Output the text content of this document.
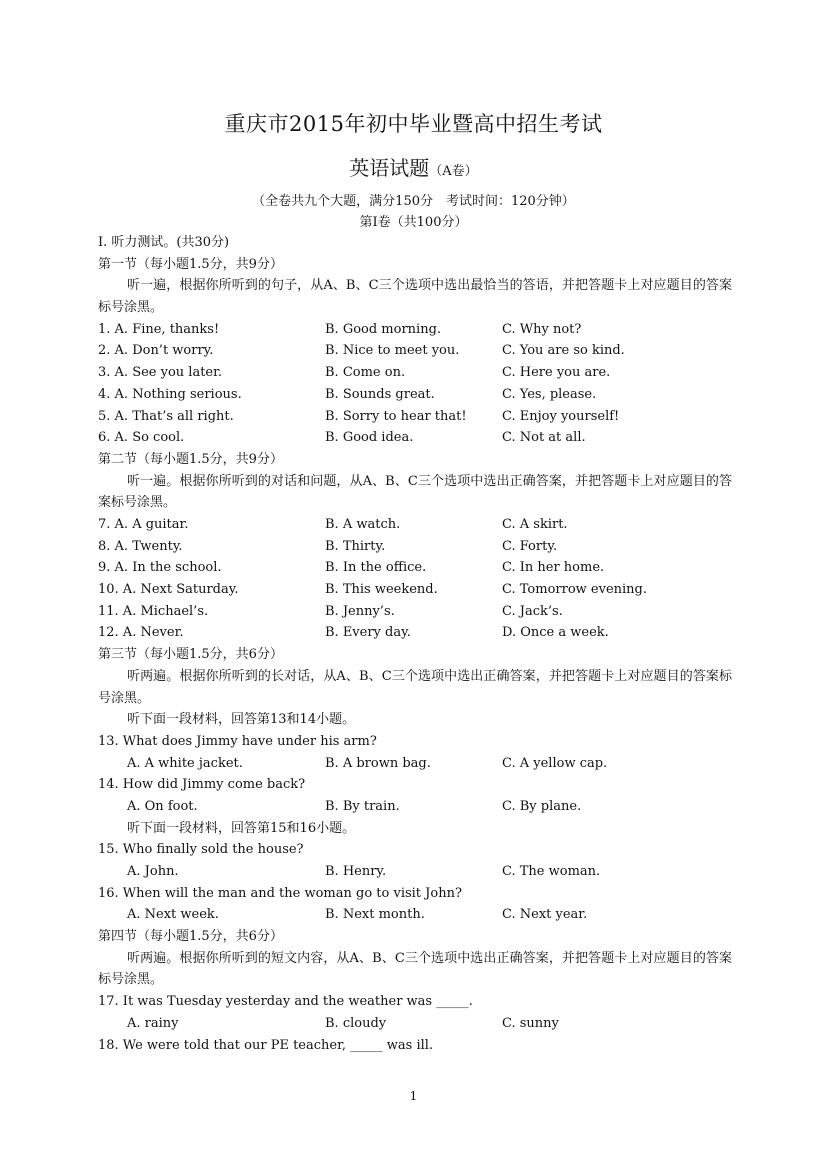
重庆市2015年初中毕业暨高中招生考试
英语试题（A卷）
（全卷共九个大题，满分150分　考试时间：120分钟）
第I卷（共100分）
I. 听力测试。(共30分)
第一节（每小题1.5分，共9分）
听一遍，根据你所听到的句子，从A、B、C三个选项中选出最恰当的答语，并把答题卡上对应题目的答案标号涂黑。
1. A. Fine, thanks!	B. Good morning.	C. Why not?
2. A. Don’t worry.	B. Nice to meet you.	C. You are so kind.
3. A. See you later.	B. Come on.	C. Here you are.
4. A. Nothing serious.	B. Sounds great.	C. Yes, please.
5. A. That’s all right.	B. Sorry to hear that!	C. Enjoy yourself!
6. A. So cool.	B. Good idea.	C. Not at all.
第二节（每小题1.5分，共9分）
听一遍。根据你所听到的对话和问题，从A、B、C三个选项中选出正确答案，并把答题卡上对应题目的答案标号涂黑。
7. A. A guitar.	B. A watch.	C. A skirt.
8. A. Twenty.	B. Thirty.	C. Forty.
9. A. In the school.	B. In the office.	C. In her home.
10. A. Next Saturday.	B. This weekend.	C. Tomorrow evening.
11. A. Michael’s.	B. Jenny’s.	C. Jack’s.
12. A. Never.	B. Every day.	D. Once a week.
第三节（每小题1.5分，共6分）
听两遍。根据你所听到的长对话，从A、B、C三个选项中选出正确答案，并把答题卡上对应题目的答案标号涂黑。
听下面一段材料，回答第13和14小题。
13. What does Jimmy have under his arm?
A. A white jacket.	B. A brown bag.	C. A yellow cap.
14. How did Jimmy come back?
A. On foot.	B. By train.	C. By plane.
听下面一段材料，回答第15和16小题。
15. Who finally sold the house?
A. John.	B. Henry.	C. The woman.
16. When will the man and the woman go to visit John?
A. Next week.	B. Next month.	C. Next year.
第四节（每小题1.5分，共6分）
听两遍。根据你所听到的短文内容，从A、B、C三个选项中选出正确答案，并把答题卡上对应题目的答案标号涂黑。
17. It was Tuesday yesterday and the weather was _____.
A. rainy	B. cloudy	C. sunny
18. We were told that our PE teacher, _____ was ill.
1
